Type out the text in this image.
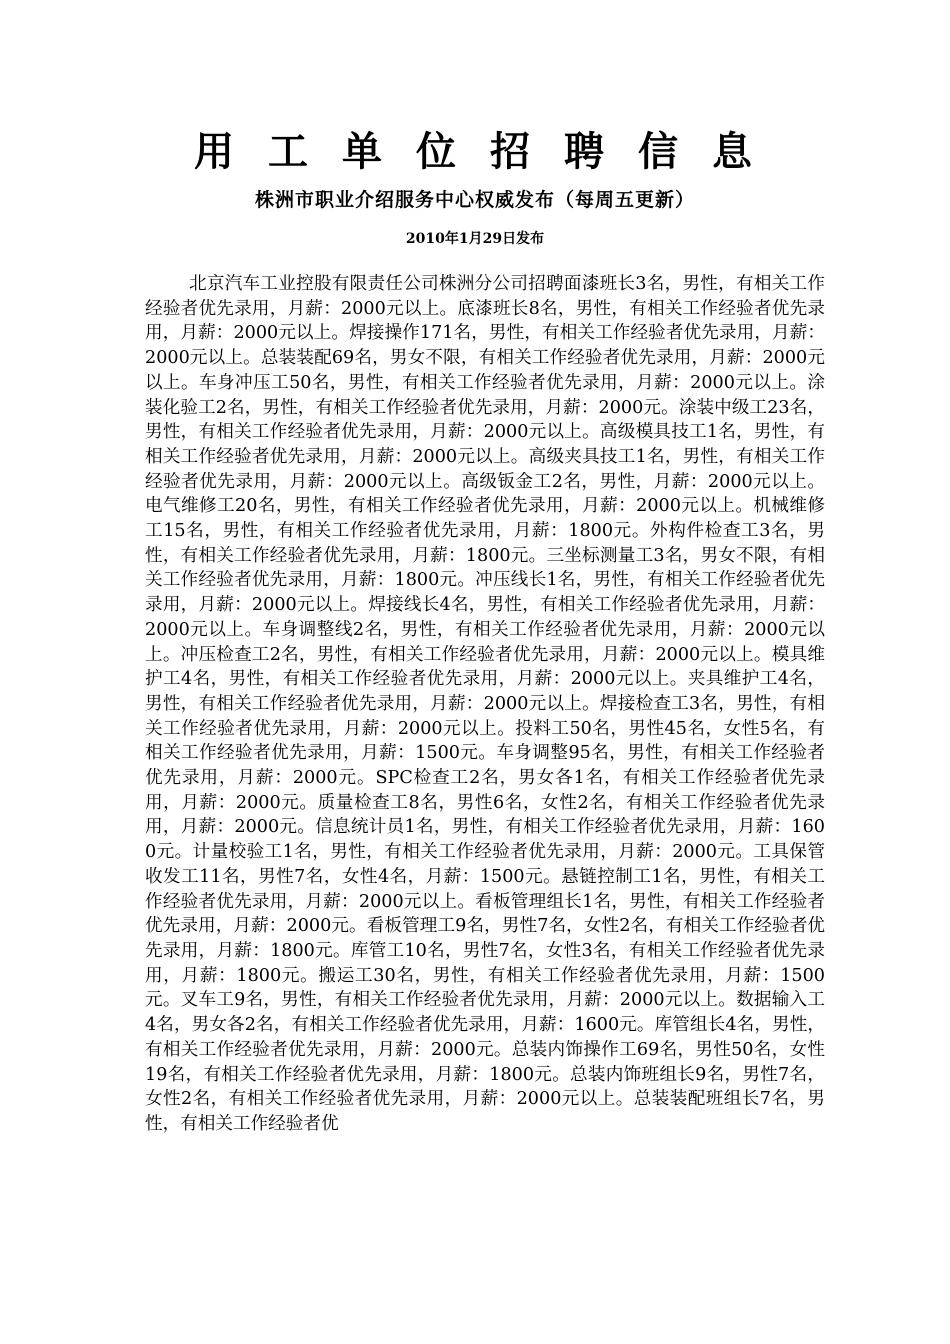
用工单位招聘信息
株洲市职业介绍服务中心权威发布（每周五更新）
2010年1月29日发布

北京汽车工业控股有限责任公司株洲分公司招聘面漆班长3名，男性，有相关工作经验者优先录用，月薪：2000元以上。底漆班长8名，男性，有相关工作经验者优先录用，月薪：2000元以上。焊接操作171名，男性，有相关工作经验者优先录用，月薪：2000元以上。总装装配69名，男女不限，有相关工作经验者优先录用，月薪：2000元以上。车身冲压工50名，男性，有相关工作经验者优先录用，月薪：2000元以上。涂装化验工2名，男性，有相关工作经验者优先录用，月薪：2000元。涂装中级工23名，男性，有相关工作经验者优先录用，月薪：2000元以上。高级模具技工1名，男性，有相关工作经验者优先录用，月薪：2000元以上。高级夹具技工1名，男性，有相关工作经验者优先录用，月薪：2000元以上。高级钣金工2名，男性，月薪：2000元以上。电气维修工20名，男性，有相关工作经验者优先录用，月薪：2000元以上。机械维修工15名，男性，有相关工作经验者优先录用，月薪：1800元。外构件检查工3名，男性，有相关工作经验者优先录用，月薪：1800元。三坐标测量工3名，男女不限，有相关工作经验者优先录用，月薪：1800元。冲压线长1名，男性，有相关工作经验者优先录用，月薪：2000元以上。焊接线长4名，男性，有相关工作经验者优先录用，月薪：2000元以上。车身调整线2名，男性，有相关工作经验者优先录用，月薪：2000元以上。冲压检查工2名，男性，有相关工作经验者优先录用，月薪：2000元以上。模具维护工4名，男性，有相关工作经验者优先录用，月薪：2000元以上。夹具维护工4名，男性，有相关工作经验者优先录用，月薪：2000元以上。焊接检查工3名，男性，有相关工作经验者优先录用，月薪：2000元以上。投料工50名，男性45名，女性5名，有相关工作经验者优先录用，月薪：1500元。车身调整95名，男性，有相关工作经验者优先录用，月薪：2000元。SPC检查工2名，男女各1名，有相关工作经验者优先录用，月薪：2000元。质量检查工8名，男性6名，女性2名，有相关工作经验者优先录用，月薪：2000元。信息统计员1名，男性，有相关工作经验者优先录用，月薪：1600元。计量校验工1名，男性，有相关工作经验者优先录用，月薪：2000元。工具保管收发工11名，男性7名，女性4名，月薪：1500元。悬链控制工1名，男性，有相关工作经验者优先录用，月薪：2000元以上。看板管理组长1名，男性，有相关工作经验者优先录用，月薪：2000元。看板管理工9名，男性7名，女性2名，有相关工作经验者优先录用，月薪：1800元。库管工10名，男性7名，女性3名，有相关工作经验者优先录用，月薪：1800元。搬运工30名，男性，有相关工作经验者优先录用，月薪：1500元。叉车工9名，男性，有相关工作经验者优先录用，月薪：2000元以上。数据输入工4名，男女各2名，有相关工作经验者优先录用，月薪：1600元。库管组长4名，男性，有相关工作经验者优先录用，月薪：2000元。总装内饰操作工69名，男性50名，女性19名，有相关工作经验者优先录用，月薪：1800元。总装内饰班组长9名，男性7名，女性2名，有相关工作经验者优先录用，月薪：2000元以上。总装装配班组长7名，男性，有相关工作经验者优
